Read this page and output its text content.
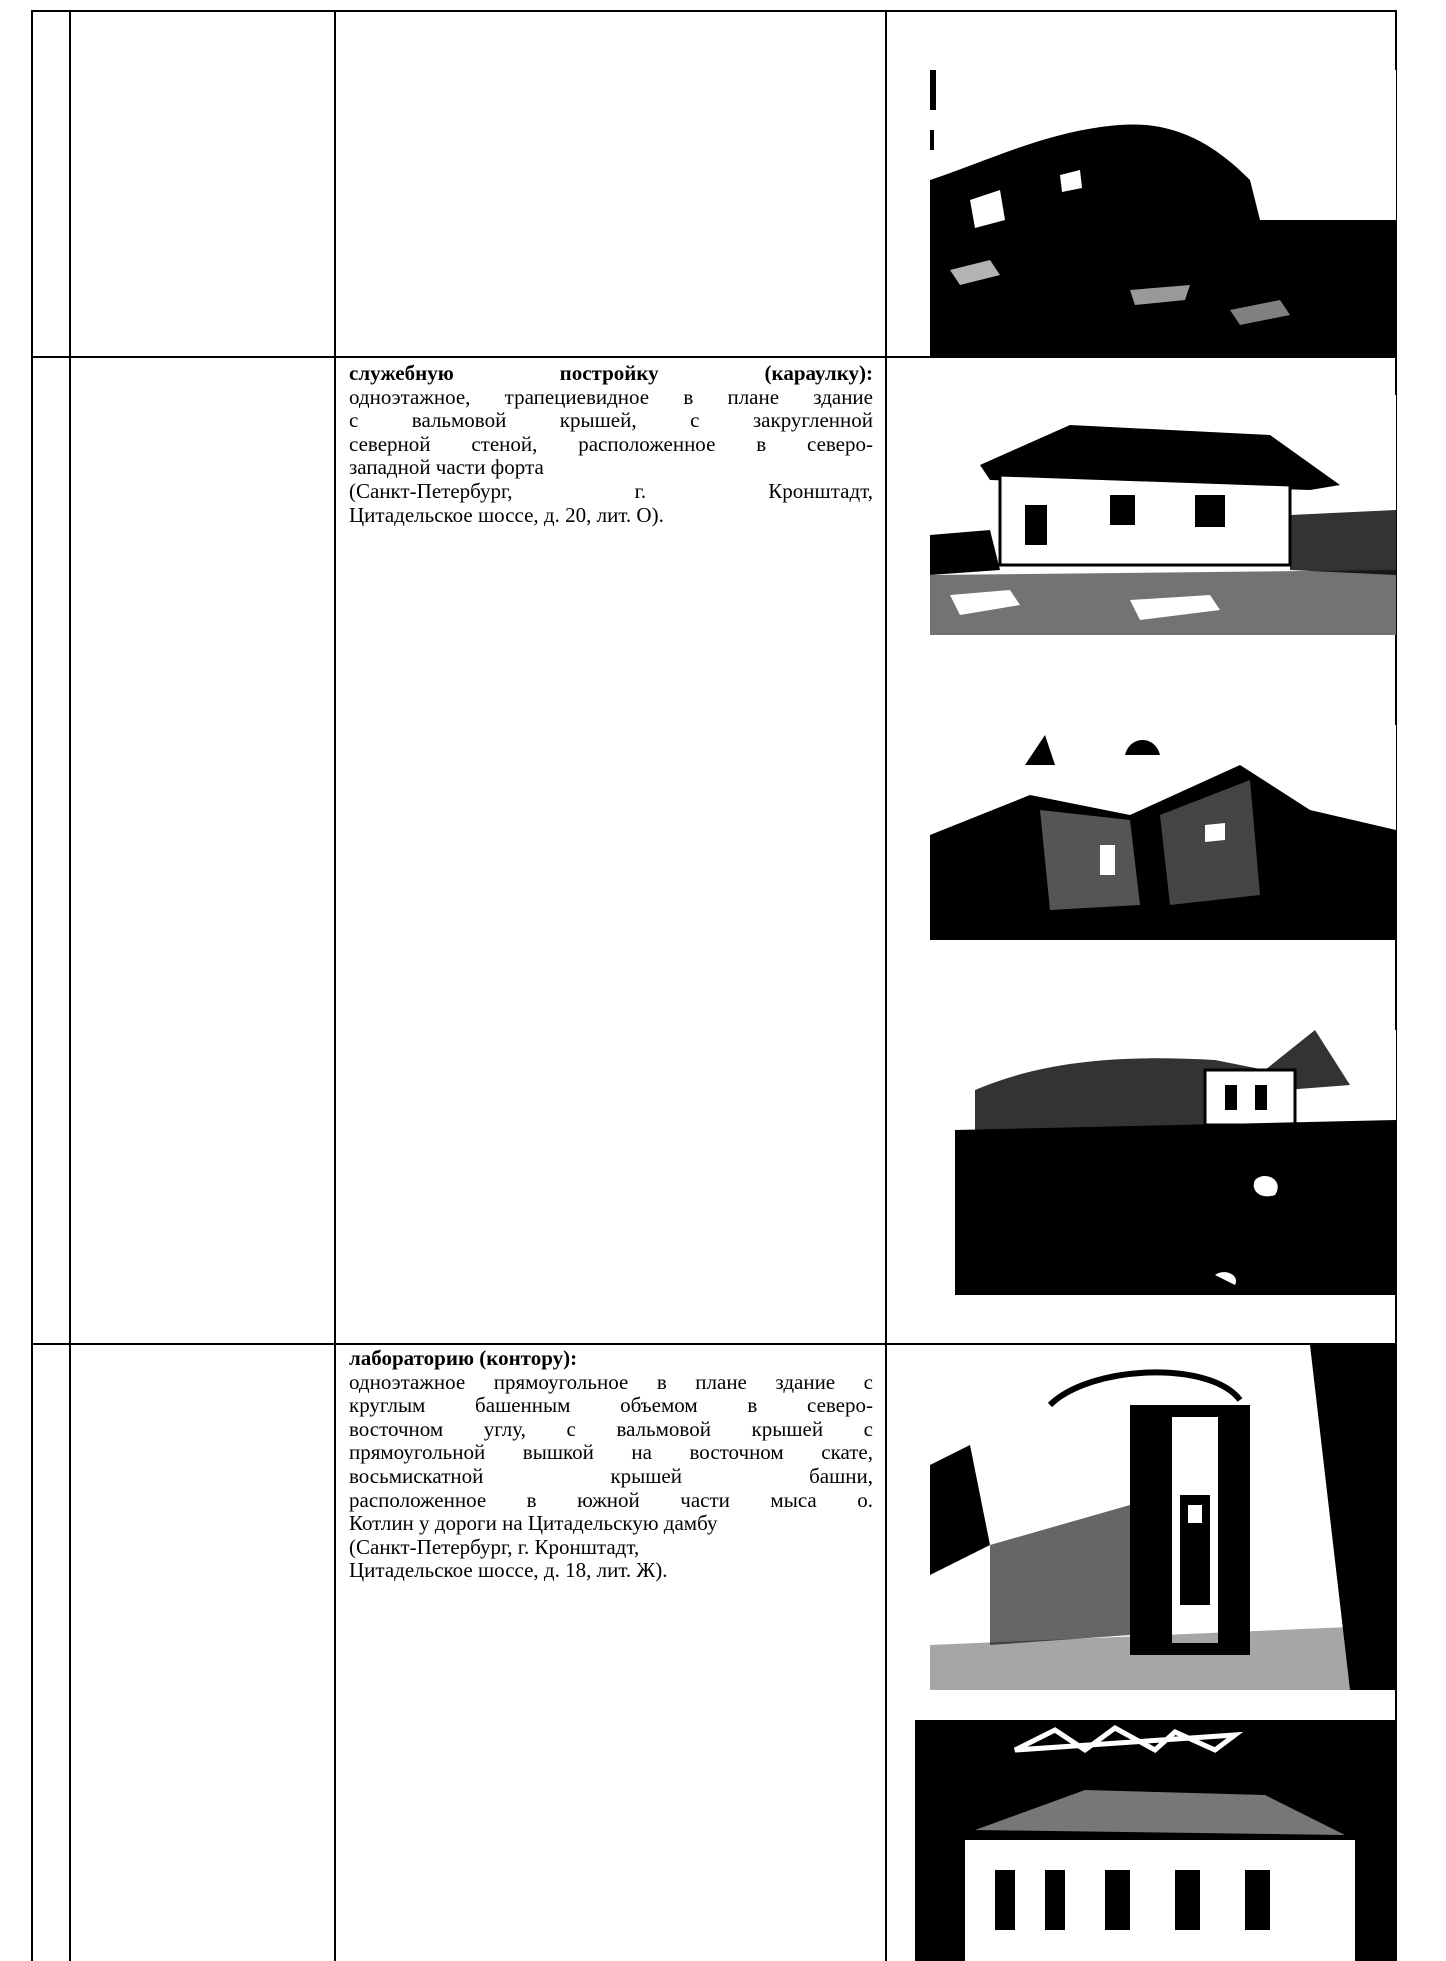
служебную постройку (караулку):
одноэтажное, трапециевидное в плане здание
с вальмовой крышей, с закругленной
северной стеной, расположенное в северо-
западной части форта
(Санкт-Петербург, г. Кронштадт,
Цитадельское шоссе, д. 20, лит. О).
лабораторию (контору):
одноэтажное прямоугольное в плане здание с
круглым башенным объемом в северо-
восточном углу, с вальмовой крышей с
прямоугольной вышкой на восточном скате,
восьмискатной крышей башни,
расположенное в южной части мыса о.
Котлин у дороги на Цитадельскую дамбу
(Санкт-Петербург, г. Кронштадт,
Цитадельское шоссе, д. 18, лит. Ж).
